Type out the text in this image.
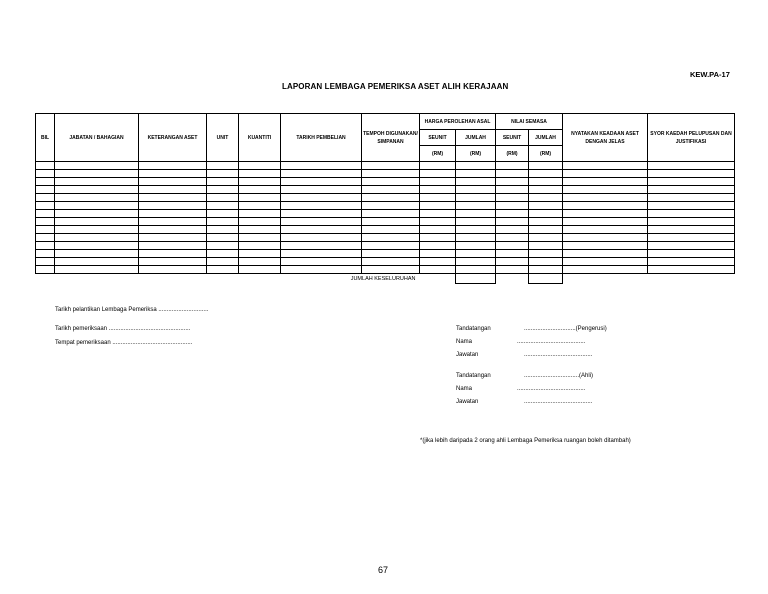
KEW.PA-17
LAPORAN LEMBAGA PEMERIKSA ASET ALIH KERAJAAN
BIL	JABATAN / BAHAGIAN	KETERANGAN ASET	UNIT	KUANTITI	TARIKH PEMBELIAN	TEMPOH DIGUNAKAN/ SIMPANAN	HARGA PEROLEHAN ASAL		NILAI SEMASA		NYATAKAN KEADAAN ASET DENGAN JELAS	SYOR KAEDAH PELUPUSAN DAN JUSTIFIKASI
							SEUNIT	JUMLAH	SEUNIT	JUMLAH		
							(RM)	(RM)	(RM)	(RM)		

JUMLAH KESELURUHAN												
Tarikh pelantikan Lembaga Pemeriksa ..............................
Tarikh pemeriksaan .................................................
Tempat pemeriksaan ................................................
Tandatangan	...............................(Pengerusi)
Nama	.........................................
Jawatan	.........................................
Tandatangan	.................................(Ahli)
Nama	.........................................
Jawatan	.........................................
*(jika lebih daripada 2 orang ahli Lembaga Pemeriksa ruangan boleh ditambah)
67
